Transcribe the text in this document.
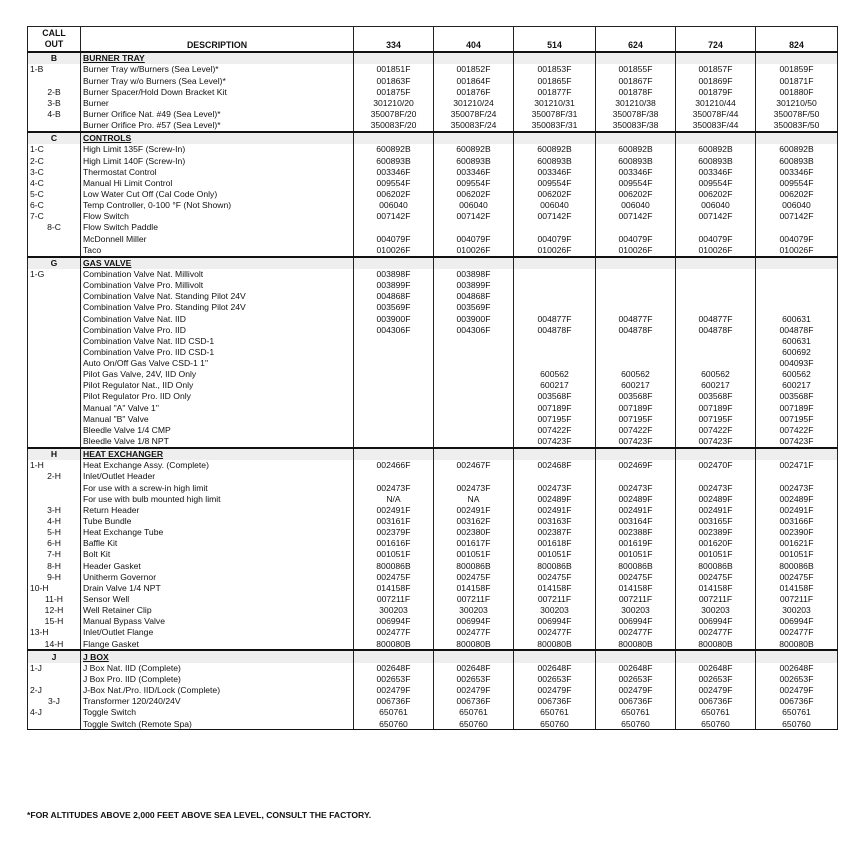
CALL
OUT	DESCRIPTION	334	404	514	624	724	824
B	BURNER TRAY						
1-B	Burner Tray w/Burners (Sea Level)*	001851F	001852F	001853F	001855F	001857F	001859F
	Burner Tray w/o Burners (Sea Level)*	001863F	001864F	001865F	001867F	001869F	001871F
2-B	Burner Spacer/Hold Down Bracket Kit	001875F	001876F	001877F	001878F	001879F	001880F
3-B	Burner	301210/20	301210/24	301210/31	301210/38	301210/44	301210/50
4-B	Burner Orifice Nat. #49 (Sea Level)*	350078F/20	350078F/24	350078F/31	350078F/38	350078F/44	350078F/50
	Burner Orifice Pro. #57 (Sea Level)*	350083F/20	350083F/24	350083F/31	350083F/38	350083F/44	350083F/50
C	CONTROLS						
1-C	High Limit 135F (Screw-In)	600892B	600892B	600892B	600892B	600892B	600892B
2-C	High Limit 140F (Screw-In)	600893B	600893B	600893B	600893B	600893B	600893B
3-C	Thermostat Control	003346F	003346F	003346F	003346F	003346F	003346F
4-C	Manual Hi Limit Control	009554F	009554F	009554F	009554F	009554F	009554F
5-C	Low Water Cut Off (Cal Code Only)	006202F	006202F	006202F	006202F	006202F	006202F
6-C	Temp Controller, 0-100 °F (Not Shown)	006040	006040	006040	006040	006040	006040
7-C	Flow Switch	007142F	007142F	007142F	007142F	007142F	007142F
8-C	Flow Switch Paddle						
	McDonnell Miller	004079F	004079F	004079F	004079F	004079F	004079F
	Taco	010026F	010026F	010026F	010026F	010026F	010026F
G	GAS VALVE						
1-G	Combination Valve Nat. Millivolt	003898F	003898F				
	Combination Valve Pro. Millivolt	003899F	003899F				
	Combination Valve Nat. Standing Pilot 24V	004868F	004868F				
	Combination Valve Pro. Standing Pilot 24V	003569F	003569F				
	Combination Valve Nat. IID	003900F	003900F	004877F	004877F	004877F	600631
	Combination Valve Pro. IID	004306F	004306F	004878F	004878F	004878F	004878F
	Combination Valve Nat. IID CSD-1						600631
	Combination Valve Pro. IID CSD-1						600692
	Auto On/Off Gas Valve CSD-1 1"						004093F
	Pilot Gas Valve, 24V, IID Only			600562	600562	600562	600562
	Pilot Regulator Nat., IID Only			600217	600217	600217	600217
	Pilot Regulator Pro. IID Only			003568F	003568F	003568F	003568F
	Manual "A" Valve 1"			007189F	007189F	007189F	007189F
	Manual "B" Valve			007195F	007195F	007195F	007195F
	Bleedle Valve 1/4 CMP			007422F	007422F	007422F	007422F
	Bleedle Valve 1/8 NPT			007423F	007423F	007423F	007423F
H	HEAT EXCHANGER						
1-H	Heat Exchange Assy. (Complete)	002466F	002467F	002468F	002469F	002470F	002471F
2-H	Inlet/Outlet Header						
	For use with a screw-in high limit	002473F	002473F	002473F	002473F	002473F	002473F
	For use with bulb mounted high limit	N/A	NA	002489F	002489F	002489F	002489F
3-H	Return Header	002491F	002491F	002491F	002491F	002491F	002491F
4-H	Tube Bundle	003161F	003162F	003163F	003164F	003165F	003166F
5-H	Heat Exchange Tube	002379F	002380F	002387F	002388F	002389F	002390F
6-H	Baffle Kit	001616F	001617F	001618F	001619F	001620F	001621F
7-H	Bolt Kit	001051F	001051F	001051F	001051F	001051F	001051F
8-H	Header Gasket	800086B	800086B	800086B	800086B	800086B	800086B
9-H	Unitherm Governor	002475F	002475F	002475F	002475F	002475F	002475F
10-H	Drain Valve 1/4 NPT	014158F	014158F	014158F	014158F	014158F	014158F
11-H	Sensor Well	007211F	007211F	007211F	007211F	007211F	007211F
12-H	Well Retainer Clip	300203	300203	300203	300203	300203	300203
15-H	Manual Bypass Valve	006994F	006994F	006994F	006994F	006994F	006994F
13-H	Inlet/Outlet Flange	002477F	002477F	002477F	002477F	002477F	002477F
14-H	Flange Gasket	800080B	800080B	800080B	800080B	800080B	800080B
J	J BOX						
1-J	J Box Nat. IID (Complete)	002648F	002648F	002648F	002648F	002648F	002648F
	J Box Pro. IID (Complete)	002653F	002653F	002653F	002653F	002653F	002653F
2-J	J-Box Nat./Pro. IID/Lock (Complete)	002479F	002479F	002479F	002479F	002479F	002479F
3-J	Transformer 120/240/24V	006736F	006736F	006736F	006736F	006736F	006736F
4-J	Toggle Switch	650761	650761	650761	650761	650761	650761
	Toggle Switch (Remote Spa)	650760	650760	650760	650760	650760	650760
*FOR ALTITUDES ABOVE 2,000 FEET ABOVE SEA LEVEL, CONSULT THE FACTORY.
